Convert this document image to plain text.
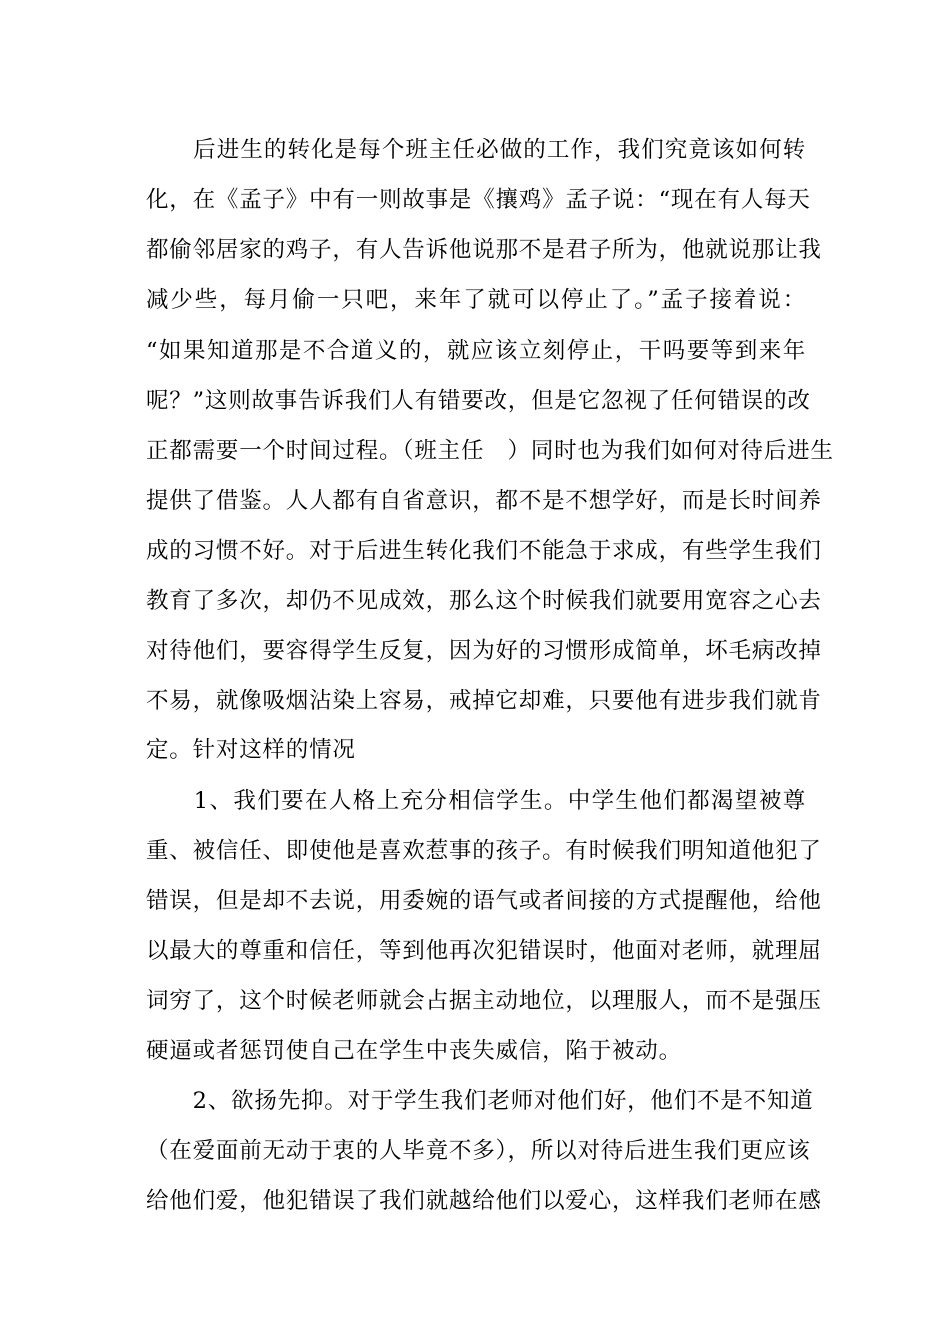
　　后进生的转化是每个班主任必做的工作，我们究竟该如何转
化，在《孟子》中有一则故事是《攘鸡》孟子说：“现在有人每天
都偷邻居家的鸡子，有人告诉他说那不是君子所为，他就说那让我
减少些，每月偷一只吧，来年了就可以停止了。”孟子接着说：
“如果知道那是不合道义的，就应该立刻停止，干吗要等到来年
呢？”这则故事告诉我们人有错要改，但是它忽视了任何错误的改
正都需要一个时间过程。（班主任　）同时也为我们如何对待后进生
提供了借鉴。人人都有自省意识，都不是不想学好，而是长时间养
成的习惯不好。对于后进生转化我们不能急于求成，有些学生我们
教育了多次，却仍不见成效，那么这个时候我们就要用宽容之心去
对待他们，要容得学生反复，因为好的习惯形成简单，坏毛病改掉
不易，就像吸烟沾染上容易，戒掉它却难，只要他有进步我们就肯
定。针对这样的情况
　　1、我们要在人格上充分相信学生。中学生他们都渴望被尊
重、被信任、即使他是喜欢惹事的孩子。有时候我们明知道他犯了
错误，但是却不去说，用委婉的语气或者间接的方式提醒他，给他
以最大的尊重和信任，等到他再次犯错误时，他面对老师，就理屈
词穷了，这个时候老师就会占据主动地位，以理服人，而不是强压
硬逼或者惩罚使自己在学生中丧失威信，陷于被动。
　　2、欲扬先抑。对于学生我们老师对他们好，他们不是不知道
（在爱面前无动于衷的人毕竟不多），所以对待后进生我们更应该
给他们爱，他犯错误了我们就越给他们以爱心，这样我们老师在感
